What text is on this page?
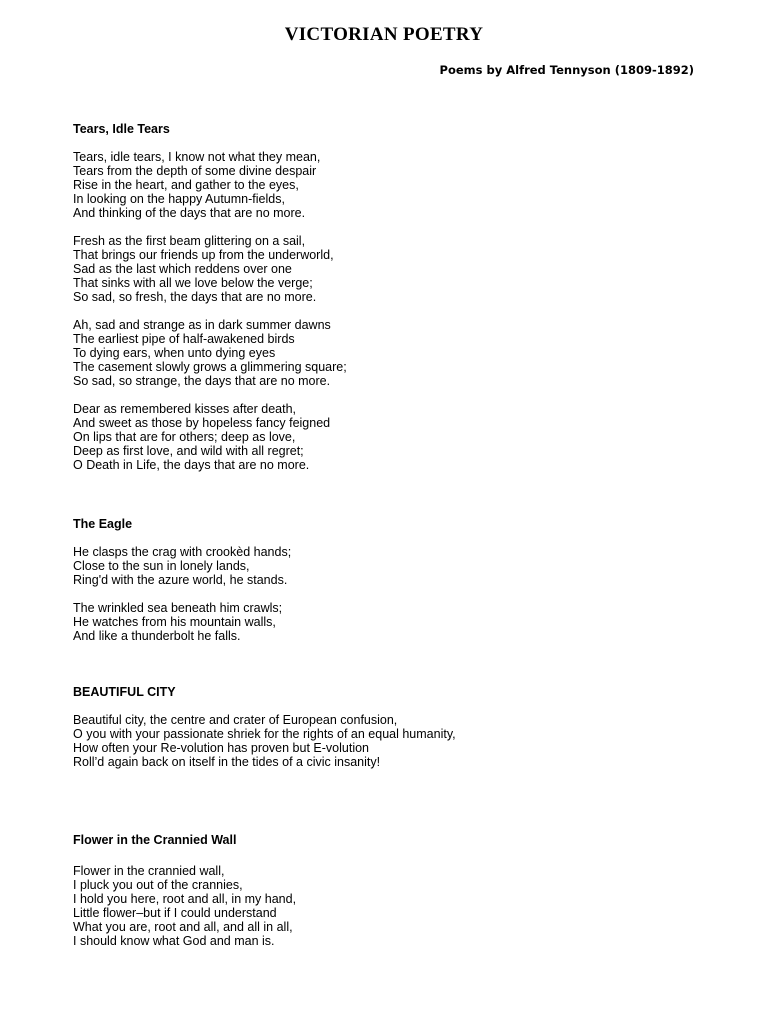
VICTORIAN POETRY
Poems by Alfred Tennyson (1809-1892)
Tears, Idle Tears
Tears, idle tears, I know not what they mean,
Tears from the depth of some divine despair
Rise in the heart, and gather to the eyes,
In looking on the happy Autumn-fields,
And thinking of the days that are no more.
Fresh as the first beam glittering on a sail,
That brings our friends up from the underworld,
Sad as the last which reddens over one
That sinks with all we love below the verge;
So sad, so fresh, the days that are no more.
Ah, sad and strange as in dark summer dawns
The earliest pipe of half-awakened birds
To dying ears, when unto dying eyes
The casement slowly grows a glimmering square;
So sad, so strange, the days that are no more.
Dear as remembered kisses after death,
And sweet as those by hopeless fancy feigned
On lips that are for others; deep as love,
Deep as first love, and wild with all regret;
O Death in Life, the days that are no more.
The Eagle
He clasps the crag with crookèd hands;
Close to the sun in lonely lands,
Ring'd with the azure world, he stands.
The wrinkled sea beneath him crawls;
He watches from his mountain walls,
And like a thunderbolt he falls.
BEAUTIFUL CITY
Beautiful city, the centre and crater of European confusion,
O you with your passionate shriek for the rights of an equal humanity,
How often your Re-volution has proven but E-volution
Roll’d again back on itself in the tides of a civic insanity!
Flower in the Crannied Wall
Flower in the crannied wall,
I pluck you out of the crannies,
I hold you here, root and all, in my hand,
Little flower–but if I could understand
What you are, root and all, and all in all,
I should know what God and man is.
